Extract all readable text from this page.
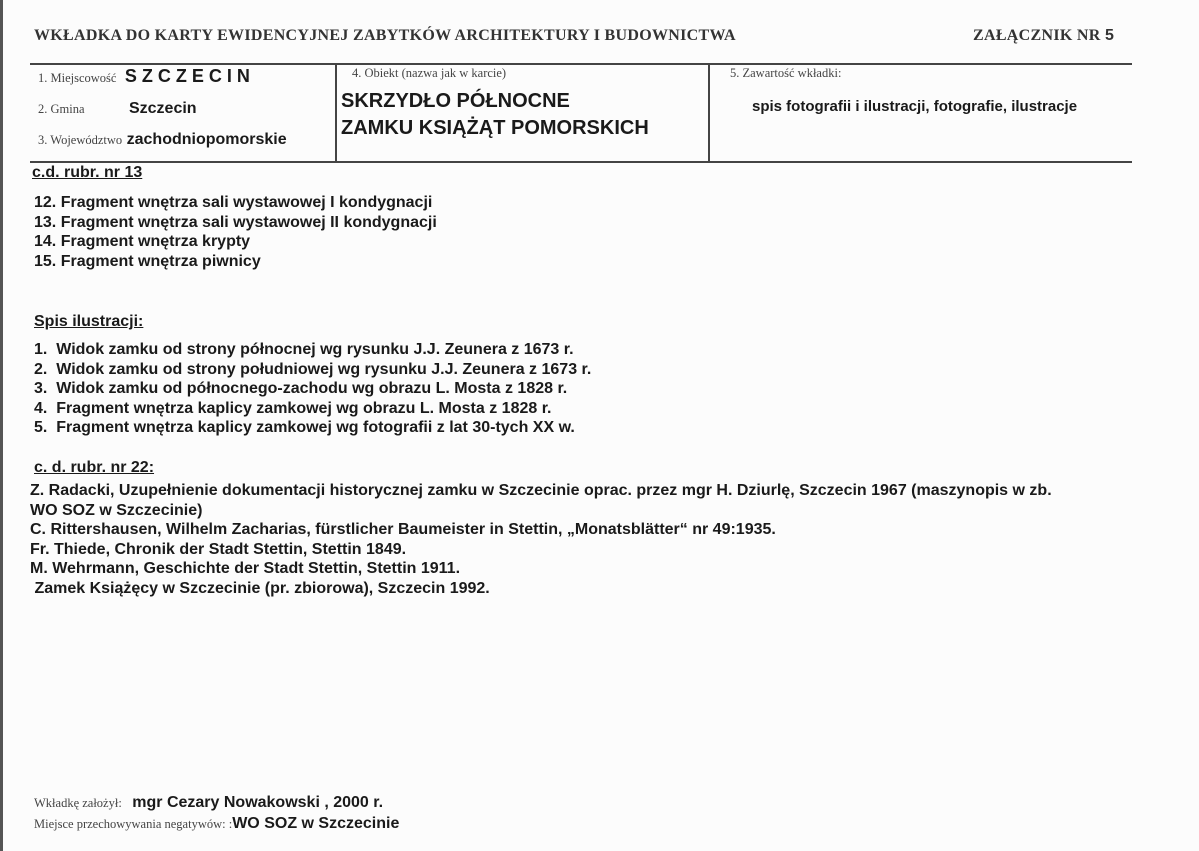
WKŁADKA DO KARTY EWIDENCYJNEJ ZABYTKÓW ARCHITEKTURY I BUDOWNICTWA	ZAŁĄCZNIK NR 5
1. Miejscowość S Z C Z E C I N
2. Gmina	Szczecin
3. Województwo zachodniopomorskie
4. Obiekt (nazwa jak w karcie)
SKRZYDŁO PÓŁNOCNE
ZAMKU KSIĄŻĄT POMORSKICH
5. Zawartość wkładki:
spis fotografii i ilustracji, fotografie, ilustracje
c.d. rubr. nr 13
12. Fragment wnętrza sali wystawowej I kondygnacji
13. Fragment wnętrza sali wystawowej II kondygnacji
14. Fragment wnętrza krypty
15. Fragment wnętrza piwnicy
Spis ilustracji:
1.  Widok zamku od strony północnej wg rysunku J.J. Zeunera z 1673 r.
2.  Widok zamku od strony południowej wg rysunku J.J. Zeunera z 1673 r.
3.  Widok zamku od północnego-zachodu wg obrazu L. Mosta z 1828 r.
4.  Fragment wnętrza kaplicy zamkowej wg obrazu L. Mosta z 1828 r.
5.  Fragment wnętrza kaplicy zamkowej wg fotografii z lat 30-tych XX w.
c. d. rubr. nr 22:
Z. Radacki, Uzupełnienie dokumentacji historycznej zamku w Szczecinie oprac. przez mgr H. Dziurlę, Szczecin 1967 (maszynopis w zb.
WO SOZ w Szczecinie)
C. Rittershausen, Wilhelm Zacharias, fürstlicher Baumeister in Stettin, „Monatsblätter“ nr 49:1935.
Fr. Thiede, Chronik der Stadt Stettin, Stettin 1849.
M. Wehrmann, Geschichte der Stadt Stettin, Stettin 1911.
Zamek Książęcy w Szczecinie (pr. zbiorowa), Szczecin 1992.
Wkładkę założył: mgr Cezary Nowakowski , 2000 r.
Miejsce przechowywania negatywów: :WO SOZ w Szczecinie
